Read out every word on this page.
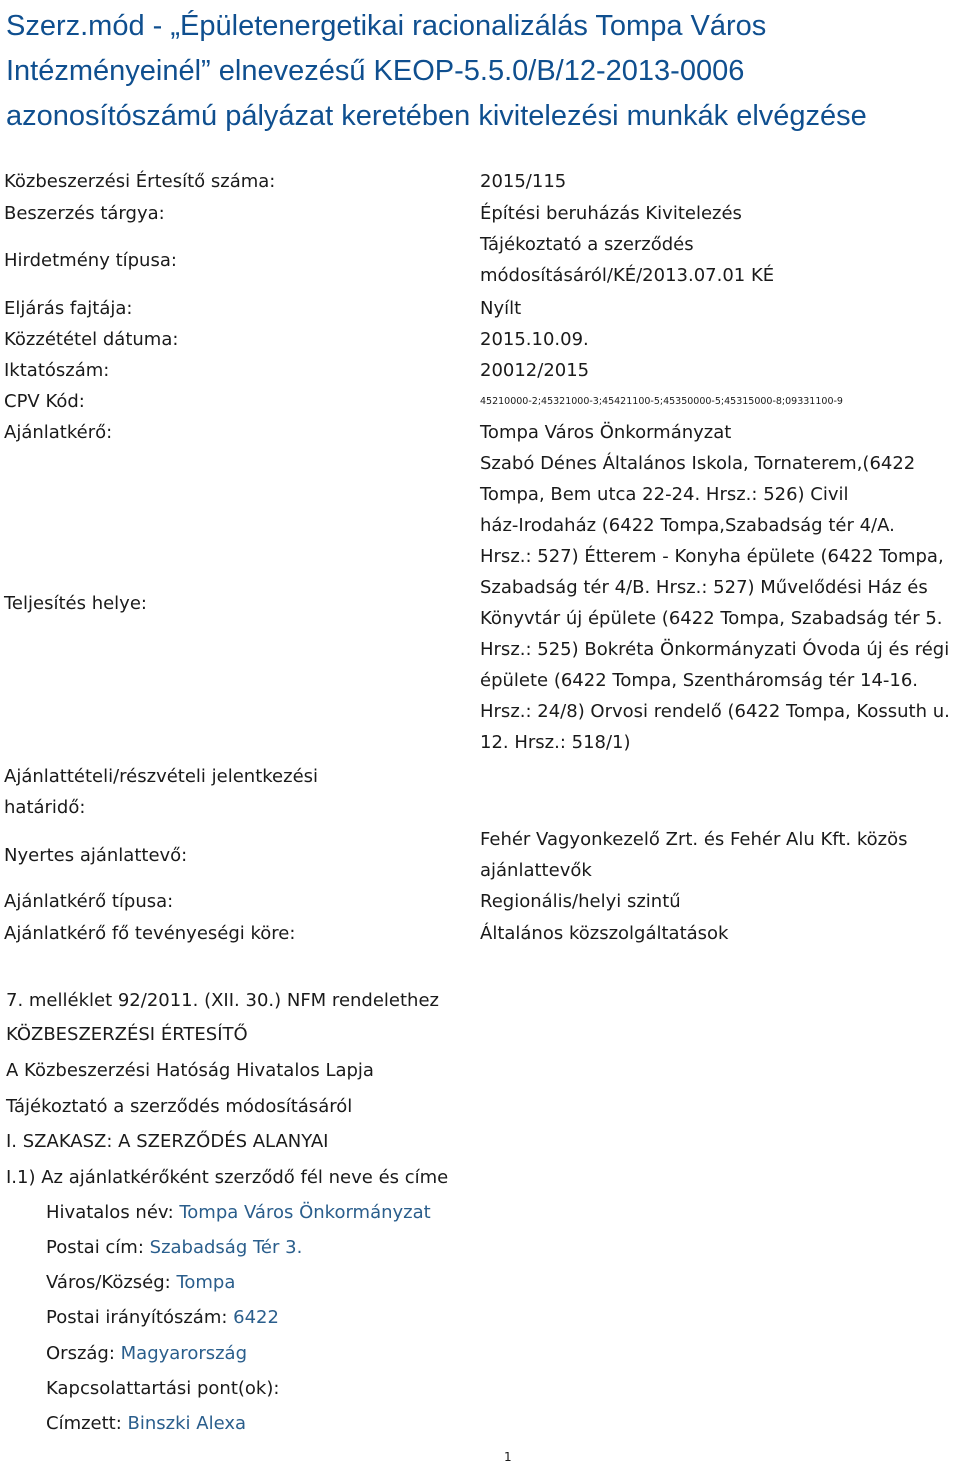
Szerz.mód - „Épületenergetikai racionalizálás Tompa Város
Intézményeinél” elnevezésű KEOP-5.5.0/B/12-2013-0006
azonosítószámú pályázat keretében kivitelezési munkák elvégzése
Közbeszerzési Értesítő száma:	2015/115
Beszerzés tárgya:	Építési beruházás Kivitelezés
Hirdetmény típusa:
Tájékoztató a szerződés
módosításáról/KÉ/2013.07.01 KÉ
Eljárás fajtája:	Nyílt
Közzététel dátuma:	2015.10.09.
Iktatószám:	20012/2015
CPV Kód:	45210000-2;45321000-3;45421100-5;45350000-5;45315000-8;09331100-9
Ajánlatkérő:	Tompa Város Önkormányzat
Teljesítés helye:
Szabó Dénes Általános Iskola, Tornaterem,(6422
Tompa, Bem utca 22-24. Hrsz.: 526) Civil
ház-Irodaház (6422 Tompa,Szabadság tér 4/A.
Hrsz.: 527) Étterem - Konyha épülete (6422 Tompa,
Szabadság tér 4/B. Hrsz.: 527) Művelődési Ház és
Könyvtár új épülete (6422 Tompa, Szabadság tér 5.
Hrsz.: 525) Bokréta Önkormányzati Óvoda új és régi
épülete (6422 Tompa, Szentháromság tér 14-16.
Hrsz.: 24/8) Orvosi rendelő (6422 Tompa, Kossuth u.
12. Hrsz.: 518/1)
Ajánlattételi/részvételi jelentkezési
határidő:
Nyertes ajánlattevő:
Fehér Vagyonkezelő Zrt. és Fehér Alu Kft. közös
ajánlattevők
Ajánlatkérő típusa:	Regionális/helyi szintű
Ajánlatkérő fő tevényeségi köre:	Általános közszolgáltatások
7. melléklet 92/2011. (XII. 30.) NFM rendelethez
KÖZBESZERZÉSI ÉRTESÍTŐ
A Közbeszerzési Hatóság Hivatalos Lapja
Tájékoztató a szerződés módosításáról
I. SZAKASZ: A SZERZŐDÉS ALANYAI
I.1) Az ajánlatkérőként szerződő fél neve és címe
Hivatalos név: Tompa Város Önkormányzat
Postai cím: Szabadság Tér 3.
Város/Község: Tompa
Postai irányítószám: 6422
Ország: Magyarország
Kapcsolattartási pont(ok):
Címzett: Binszki Alexa
1
